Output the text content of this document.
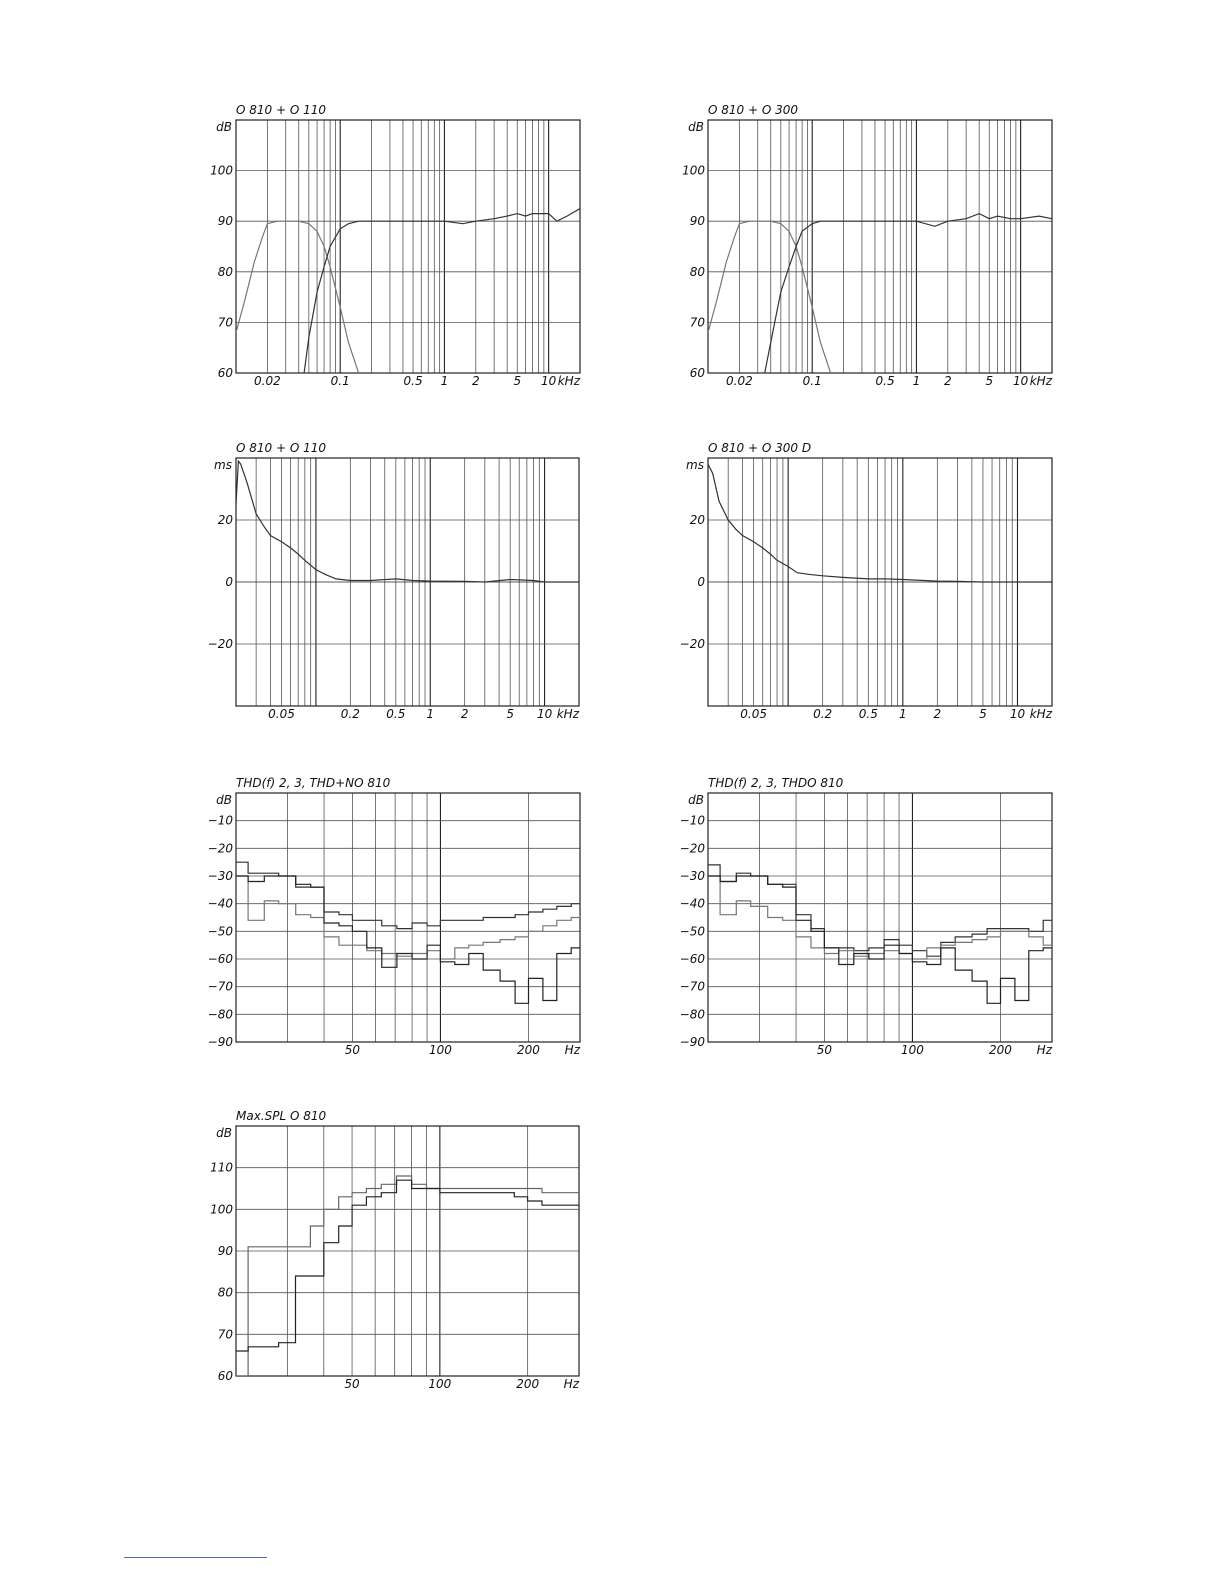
O 810 + O 110
dB
60
70
80
90
100
0.02	0.1	0.5 1 2	5 10 kHz
O 810 + O 300
dB
60
70
80
90
100
0.02	0.1	0.5 1 2	5 10 kHz
O 810 + O 110
ms
−20
0
20
0.05	0.2 0.5 1 2	5 10 kHz
O 810 + O 300 D
ms
−20
0
20
0.05	0.2 0.5 1 2	5 10 kHz
THD(f) 2, 3, THD+NO 810
dB
−90
−80
−70
−60
−50
−40
−30
−20
−10
50	100	200 Hz
THD(f) 2, 3, THDO 810
dB
−90
−80
−70
−60
−50
−40
−30
−20
−10
50	100	200 Hz
Max.SPL O 810
dB
60
70
80
90
100
110
50	100	200 Hz
